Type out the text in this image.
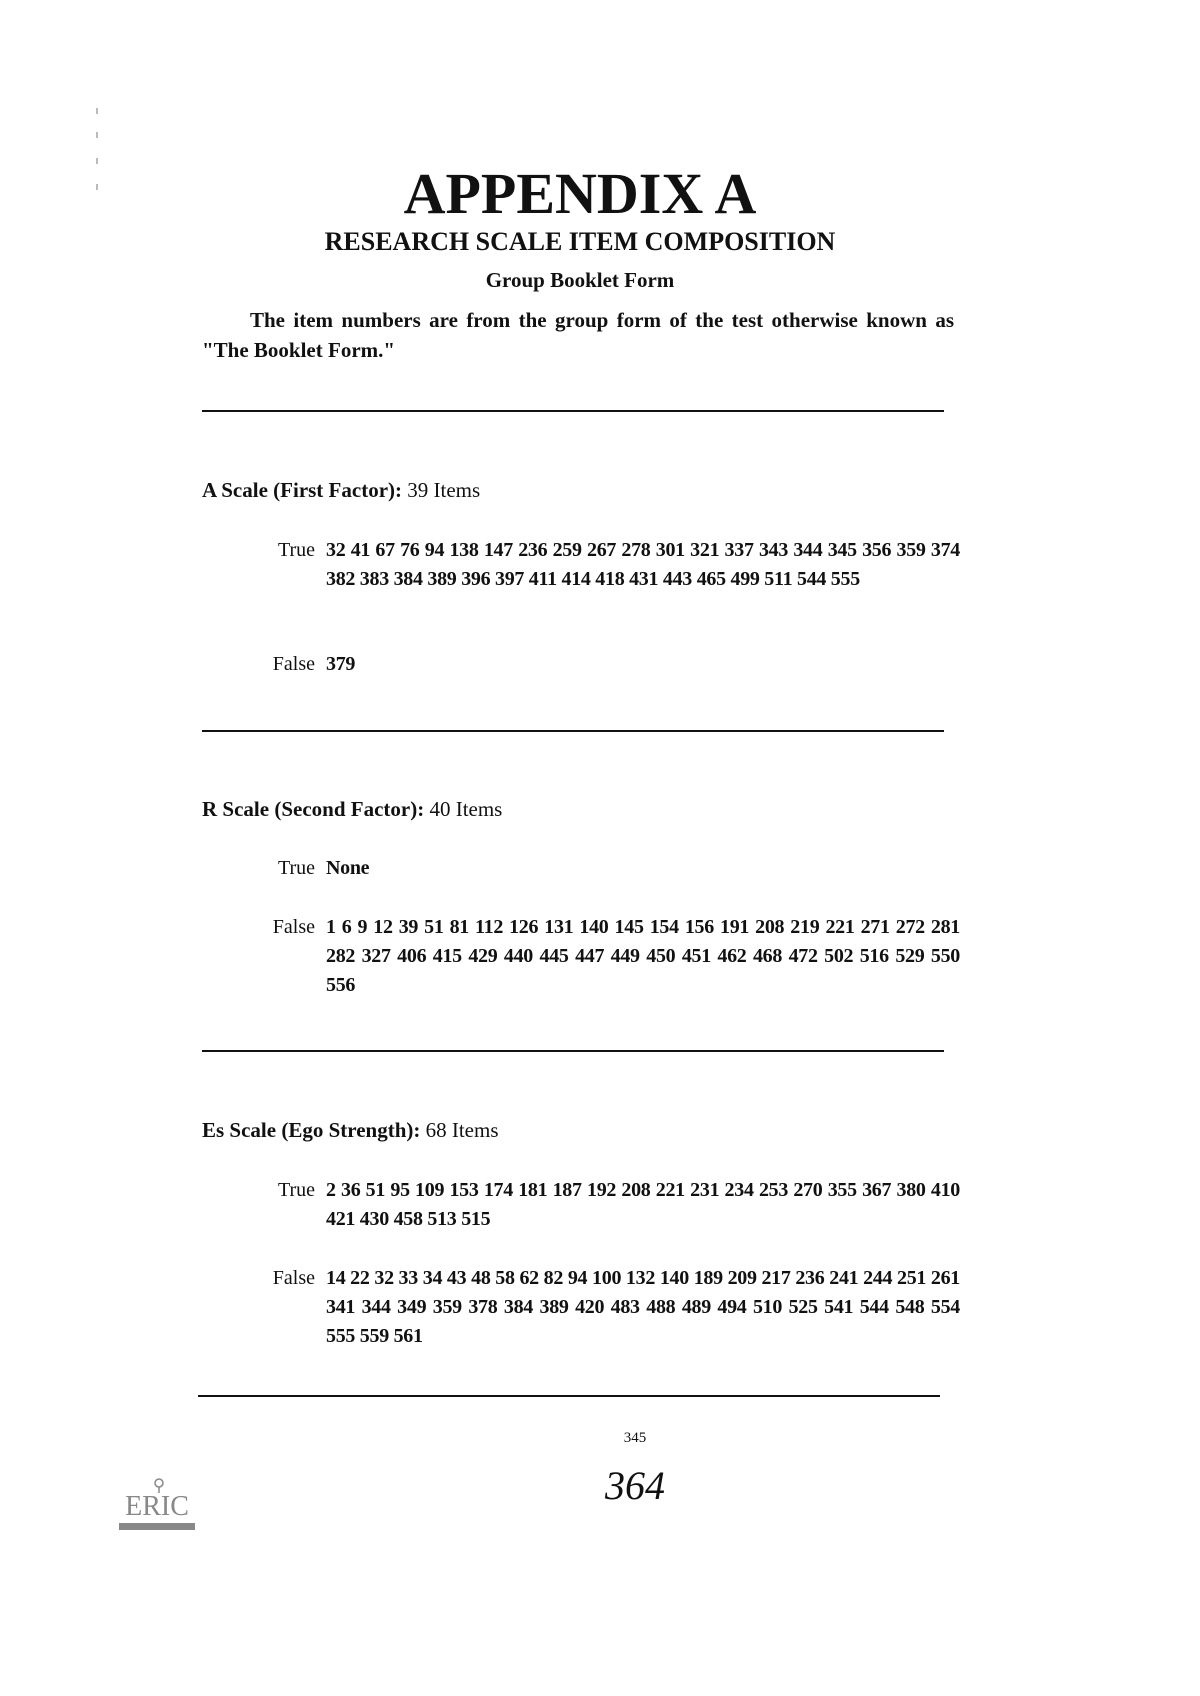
APPENDIX A
RESEARCH SCALE ITEM COMPOSITION
Group Booklet Form
The item numbers are from the group form of the test otherwise known as "The Booklet Form."
A Scale (First Factor): 39 Items
True 32 41 67 76 94 138 147 236 259 267 278 301 321 337 343 344 345 356 359 374 382 383 384 389 396 397 411 414 418 431 443 465 499 511 544 555
False 379
R Scale (Second Factor): 40 Items
True None
False 1 6 9 12 39 51 81 112 126 131 140 145 154 156 191 208 219 221 271 272 281 282 327 406 415 429 440 445 447 449 450 451 462 468 472 502 516 529 550 556
Es Scale (Ego Strength): 68 Items
True 2 36 51 95 109 153 174 181 187 192 208 221 231 234 253 270 355 367 380 410 421 430 458 513 515
False 14 22 32 33 34 43 48 58 62 82 94 100 132 140 189 209 217 236 241 244 251 261 341 344 349 359 378 384 389 420 483 488 489 494 510 525 541 544 548 554 555 559 561
345
364
ERIC
